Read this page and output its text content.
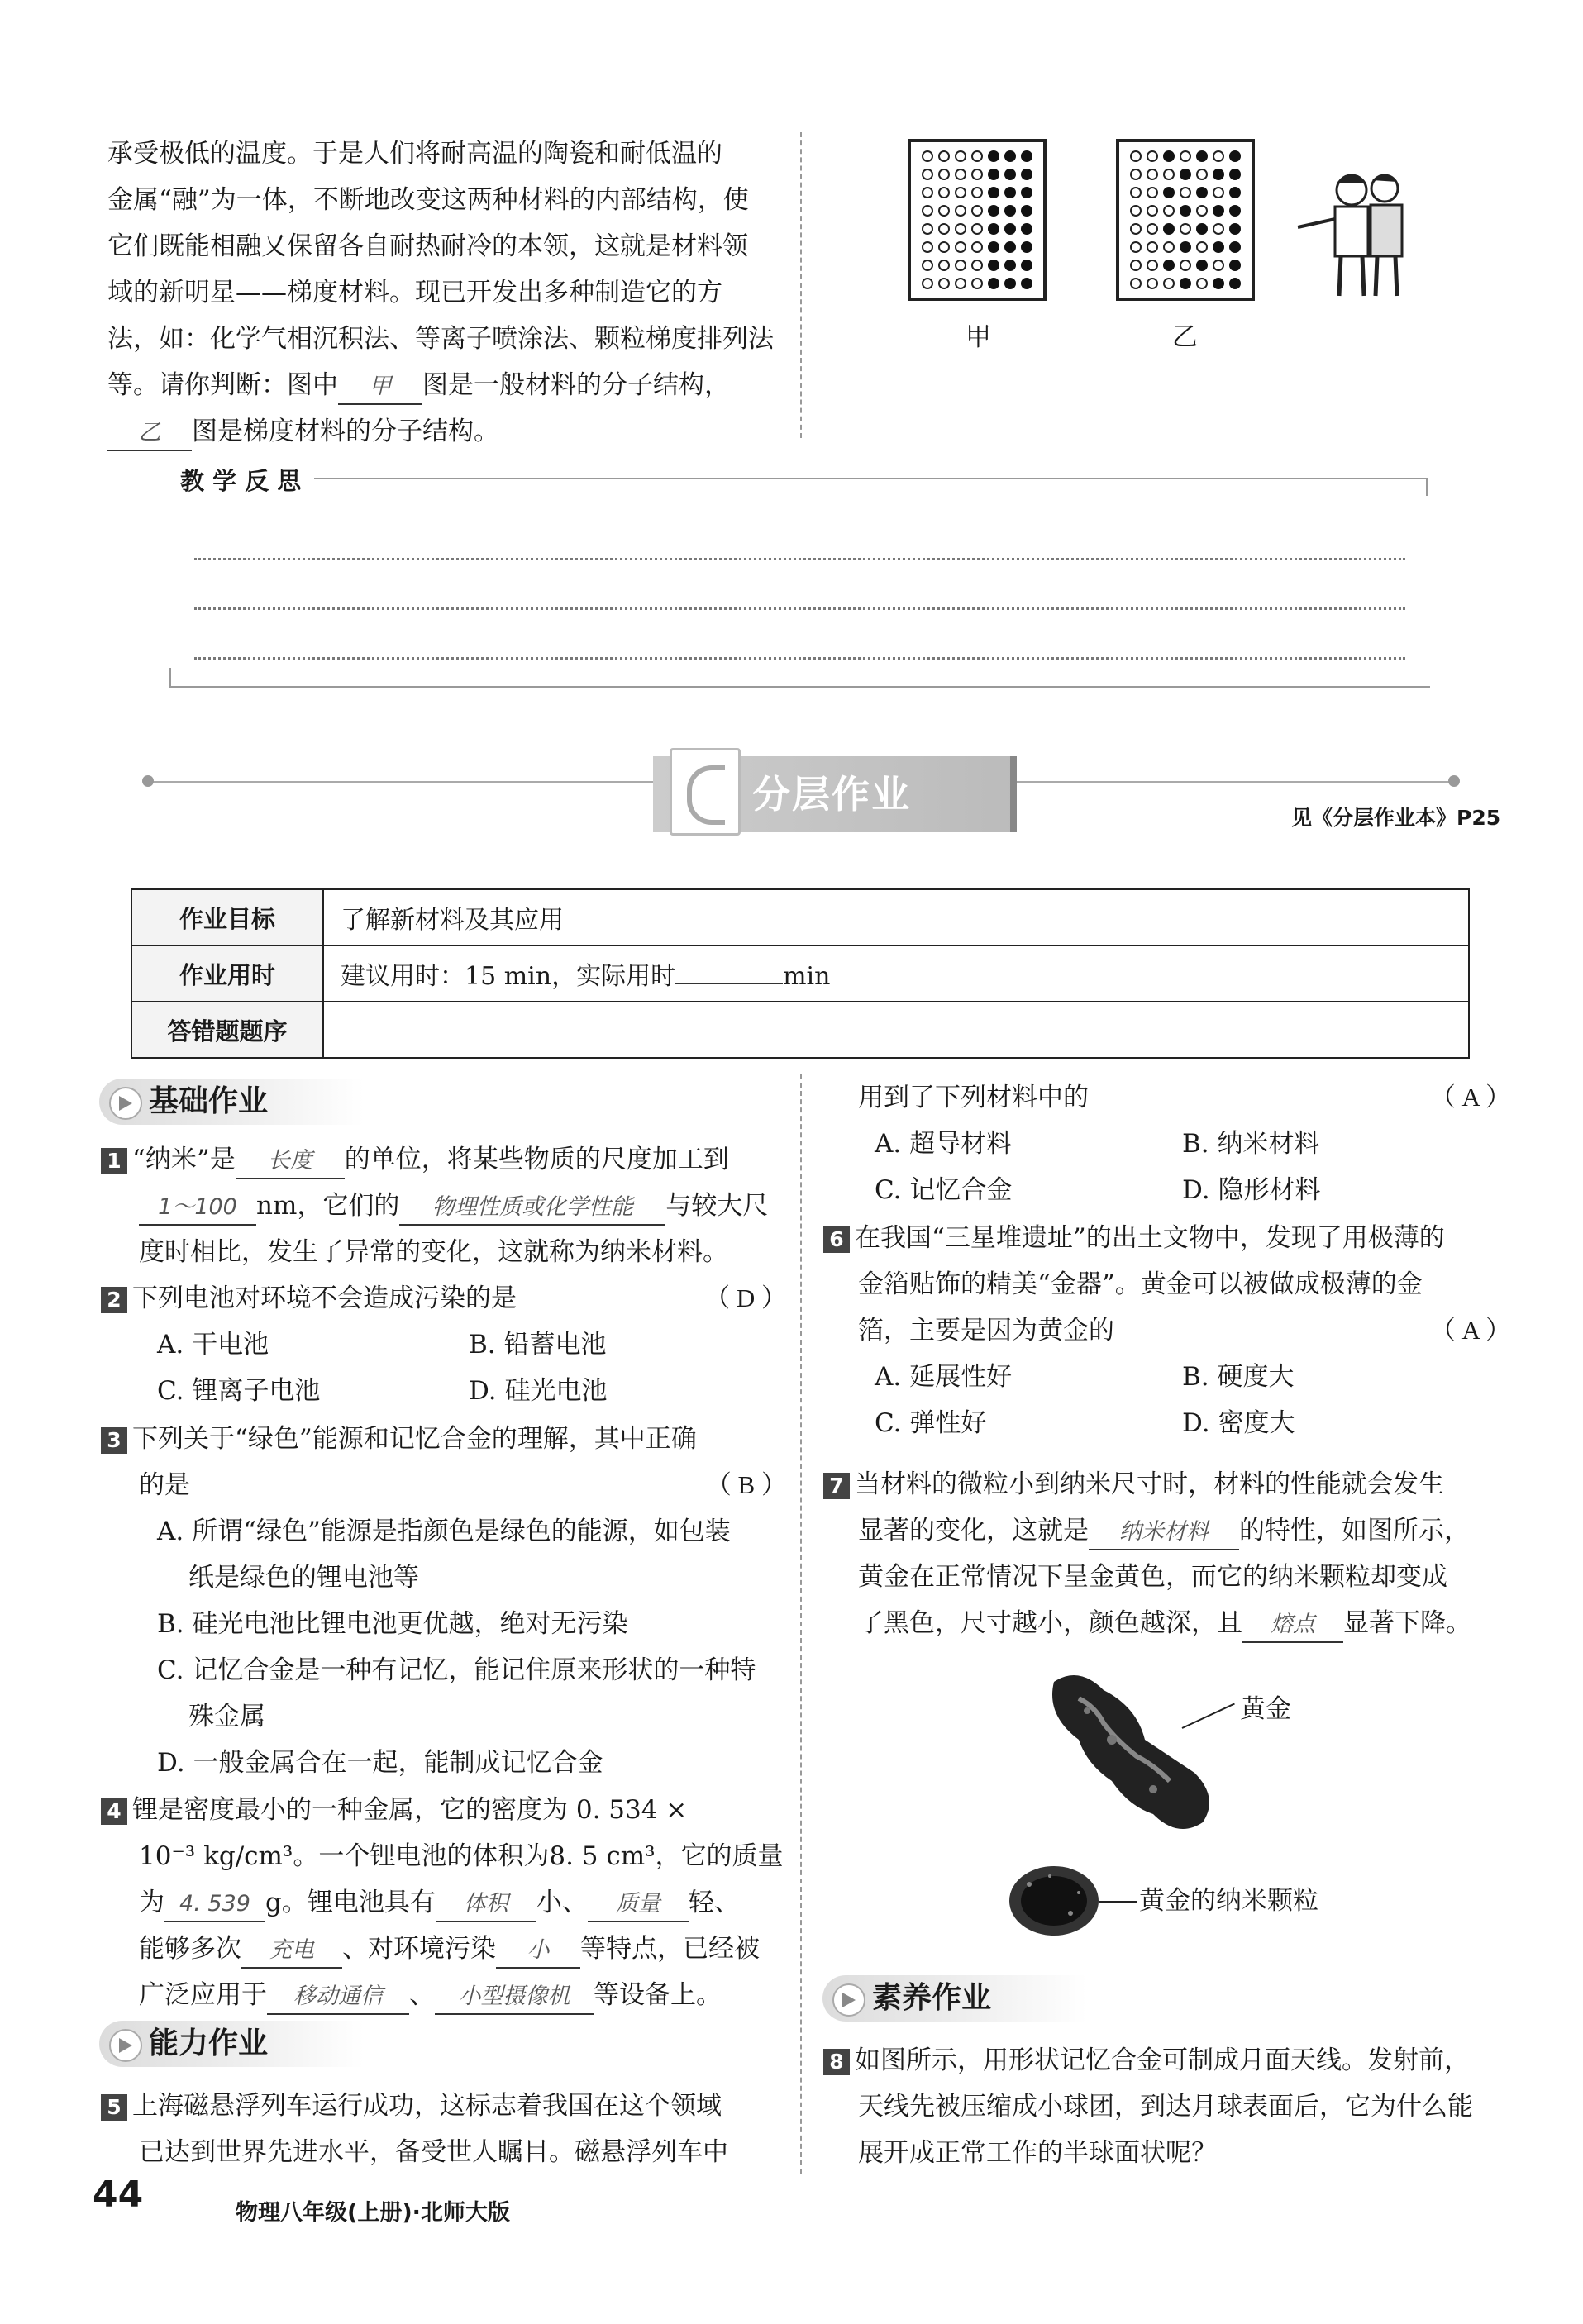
承受极低的温度。于是人们将耐高温的陶瓷和耐低温的
金属“融”为一体，不断地改变这两种材料的内部结构，使
它们既能相融又保留各自耐热耐冷的本领，这就是材料领
域的新明星——梯度材料。现已开发出多种制造它的方
法，如：化学气相沉积法、等离子喷涂法、颗粒梯度排列法
等。请你判断：图中 甲 图是一般材料的分子结构，
乙 图是梯度材料的分子结构。
甲	乙
教 学 反 思
分层作业
见《分层作业本》P25
作业目标	了解新材料及其应用
作业用时	建议用时：15 min，实际用时 min
答错题题序	
基础作业
1 “纳米”是 长度 的单位，将某些物质的尺度加工到
1～100 nm，它们的 物理性质或化学性能 与较大尺
度时相比，发生了异常的变化，这就称为纳米材料。
2 下列电池对环境不会造成污染的是	（ D ）
A. 干电池	B. 铅蓄电池
C. 锂离子电池	D. 硅光电池
3 下列关于“绿色”能源和记忆合金的理解，其中正确
的是	（ B ）
A. 所谓“绿色”能源是指颜色是绿色的能源，如包装
纸是绿色的锂电池等
B. 硅光电池比锂电池更优越，绝对无污染
C. 记忆合金是一种有记忆，能记住原来形状的一种特
殊金属
D. 一般金属合在一起，能制成记忆合金
4 锂是密度最小的一种金属，它的密度为 0. 534 ×
10⁻³ kg/cm³。一个锂电池的体积为8. 5 cm³，它的质量
为 4. 539 g。锂电池具有 体积 小、 质量 轻、
能够多次 充电 、对环境污染 小 等特点，已经被
广泛应用于 移动通信 、 小型摄像机 等设备上。
能力作业
5 上海磁悬浮列车运行成功，这标志着我国在这个领域
已达到世界先进水平，备受世人瞩目。磁悬浮列车中
用到了下列材料中的	（ A ）
A. 超导材料	B. 纳米材料
C. 记忆合金	D. 隐形材料
6 在我国“三星堆遗址”的出土文物中，发现了用极薄的
金箔贴饰的精美“金器”。黄金可以被做成极薄的金
箔，主要是因为黄金的	（ A ）
A. 延展性好	B. 硬度大
C. 弹性好	D. 密度大
7 当材料的微粒小到纳米尺寸时，材料的性能就会发生
显著的变化，这就是 纳米材料 的特性，如图所示，
黄金在正常情况下呈金黄色，而它的纳米颗粒却变成
了黑色，尺寸越小，颜色越深，且 熔点 显著下降。
黄金
黄金的纳米颗粒
素养作业
8 如图所示，用形状记忆合金可制成月面天线。发射前，
天线先被压缩成小球团，到达月球表面后，它为什么能
展开成正常工作的半球面状呢？
44	物理八年级(上册)·北师大版
